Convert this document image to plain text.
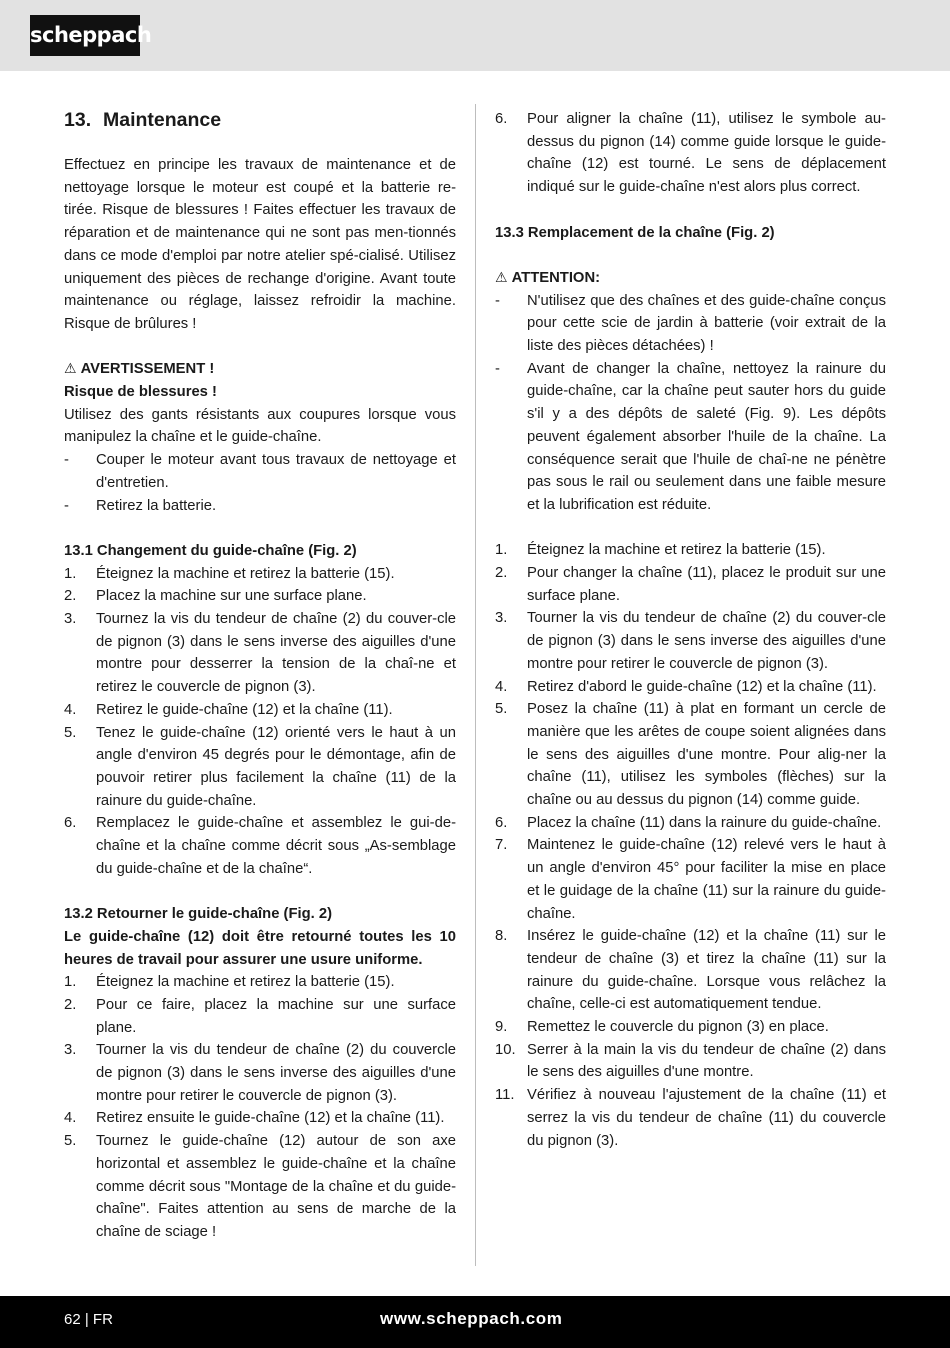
scheppach
13. Maintenance
Effectuez en principe les travaux de maintenance et de nettoyage lorsque le moteur est coupé et la batterie re-tirée. Risque de blessures ! Faites effectuer les travaux de réparation et de maintenance qui ne sont pas men-tionnés dans ce mode d'emploi par notre atelier spé-cialisé. Utilisez uniquement des pièces de rechange d'origine. Avant toute maintenance ou réglage, laissez refroidir la machine. Risque de brûlures !
⚠ AVERTISSEMENT !
Risque de blessures !
Utilisez des gants résistants aux coupures lorsque vous manipulez la chaîne et le guide-chaîne.
-	Couper le moteur avant tous travaux de nettoyage et d'entretien.
-	Retirez la batterie.
13.1 Changement du guide-chaîne (Fig. 2)
1.	Éteignez la machine et retirez la batterie (15).
2.	Placez la machine sur une surface plane.
3.	Tournez la vis du tendeur de chaîne (2) du couver-cle de pignon (3) dans le sens inverse des aiguilles d'une montre pour desserrer la tension de la chaî-ne et retirez le couvercle de pignon (3).
4.	Retirez le guide-chaîne (12) et la chaîne (11).
5.	Tenez le guide-chaîne (12) orienté vers le haut à un angle d'environ 45 degrés pour le démontage, afin de pouvoir retirer plus facilement la chaîne (11) de la rainure du guide-chaîne.
6.	Remplacez le guide-chaîne et assemblez le gui-de-chaîne et la chaîne comme décrit sous „As-semblage du guide-chaîne et de la chaîne“.
13.2 Retourner le guide-chaîne (Fig. 2)
Le guide-chaîne (12) doit être retourné toutes les 10 heures de travail pour assurer une usure uniforme.
1.	Éteignez la machine et retirez la batterie (15).
2.	Pour ce faire, placez la machine sur une surface plane.
3.	Tourner la vis du tendeur de chaîne (2) du couvercle de pignon (3) dans le sens inverse des aiguilles d'une montre pour retirer le couvercle de pignon (3).
4.	Retirez ensuite le guide-chaîne (12) et la chaîne (11).
5.	Tournez le guide-chaîne (12) autour de son axe horizontal et assemblez le guide-chaîne et la chaîne comme décrit sous "Montage de la chaîne et du guide-chaîne". Faites attention au sens de marche de la chaîne de sciage !
6.	Pour aligner la chaîne (11), utilisez le symbole au-dessus du pignon (14) comme guide lorsque le guide-chaîne (12) est tourné. Le sens de déplacement indiqué sur le guide-chaîne n'est alors plus correct.
13.3 Remplacement de la chaîne (Fig. 2)
⚠ ATTENTION:
-	N'utilisez que des chaînes et des guide-chaîne conçus pour cette scie de jardin à batterie (voir extrait de la liste des pièces détachées) !
-	Avant de changer la chaîne, nettoyez la rainure du guide-chaîne, car la chaîne peut sauter hors du guide s'il y a des dépôts de saleté (Fig. 9). Les dépôts peuvent également absorber l'huile de la chaîne. La conséquence serait que l'huile de chaî-ne ne pénètre pas sous le rail ou seulement dans une faible mesure et la lubrification est réduite.
1.	Éteignez la machine et retirez la batterie (15).
2.	Pour changer la chaîne (11), placez le produit sur une surface plane.
3.	Tourner la vis du tendeur de chaîne (2) du couver-cle de pignon (3) dans le sens inverse des aiguilles d'une montre pour retirer le couvercle de pignon (3).
4.	Retirez d'abord le guide-chaîne (12) et la chaîne (11).
5.	Posez la chaîne (11) à plat en formant un cercle de manière que les arêtes de coupe soient alignées dans le sens des aiguilles d'une montre. Pour alig-ner la chaîne (11), utilisez les symboles (flèches) sur la chaîne ou au dessus du pignon (14) comme guide.
6.	Placez la chaîne (11) dans la rainure du guide-chaîne.
7.	Maintenez le guide-chaîne (12) relevé vers le haut à un angle d'environ 45° pour faciliter la mise en place et le guidage de la chaîne (11) sur la rainure du guide-chaîne.
8.	Insérez le guide-chaîne (12) et la chaîne (11) sur le tendeur de chaîne (3) et tirez la chaîne (11) sur la rainure du guide-chaîne. Lorsque vous relâchez la chaîne, celle-ci est automatiquement tendue.
9.	Remettez le couvercle du pignon (3) en place.
10. Serrer à la main la vis du tendeur de chaîne (2) dans le sens des aiguilles d'une montre.
11. Vérifiez à nouveau l'ajustement de la chaîne (11) et serrez la vis du tendeur de chaîne (11) du couvercle du pignon (3).
62 | FR	www.scheppach.com
